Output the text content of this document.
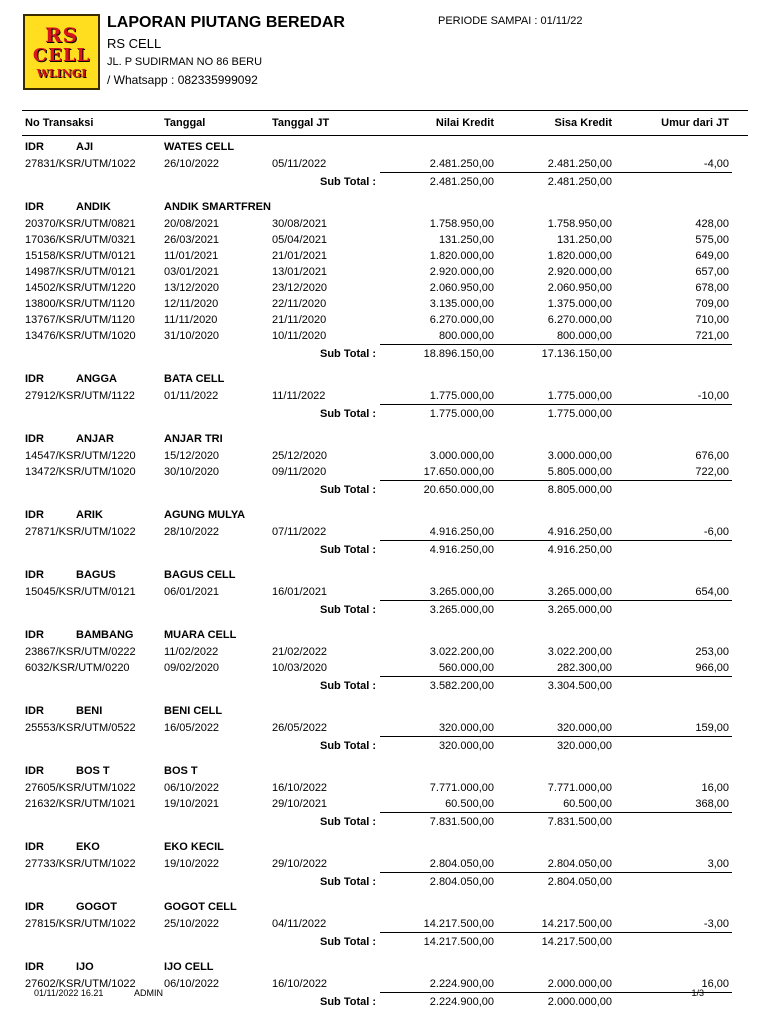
RS
CELL
WLINGI
LAPORAN PIUTANG BEREDAR
RS CELL
JL. P SUDIRMAN NO 86 BERU
/ Whatsapp : 082335999092
PERIODE SAMPAI : 01/11/22
No Transaksi	Tanggal	Tanggal JT	Nilai Kredit	Sisa Kredit	Umur dari JT
IDR	AJI	WATES CELL
27831/KSR/UTM/1022	26/10/2022	05/11/2022	2.481.250,00	2.481.250,00	-4,00
Sub Total :	2.481.250,00	2.481.250,00
IDR	ANDIK	ANDIK SMARTFREN
20370/KSR/UTM/0821	20/08/2021	30/08/2021	1.758.950,00	1.758.950,00	428,00
17036/KSR/UTM/0321	26/03/2021	05/04/2021	131.250,00	131.250,00	575,00
15158/KSR/UTM/0121	11/01/2021	21/01/2021	1.820.000,00	1.820.000,00	649,00
14987/KSR/UTM/0121	03/01/2021	13/01/2021	2.920.000,00	2.920.000,00	657,00
14502/KSR/UTM/1220	13/12/2020	23/12/2020	2.060.950,00	2.060.950,00	678,00
13800/KSR/UTM/1120	12/11/2020	22/11/2020	3.135.000,00	1.375.000,00	709,00
13767/KSR/UTM/1120	11/11/2020	21/11/2020	6.270.000,00	6.270.000,00	710,00
13476/KSR/UTM/1020	31/10/2020	10/11/2020	800.000,00	800.000,00	721,00
Sub Total :	18.896.150,00	17.136.150,00
IDR	ANGGA	BATA CELL
27912/KSR/UTM/1122	01/11/2022	11/11/2022	1.775.000,00	1.775.000,00	-10,00
Sub Total :	1.775.000,00	1.775.000,00
IDR	ANJAR	ANJAR TRI
14547/KSR/UTM/1220	15/12/2020	25/12/2020	3.000.000,00	3.000.000,00	676,00
13472/KSR/UTM/1020	30/10/2020	09/11/2020	17.650.000,00	5.805.000,00	722,00
Sub Total :	20.650.000,00	8.805.000,00
IDR	ARIK	AGUNG MULYA
27871/KSR/UTM/1022	28/10/2022	07/11/2022	4.916.250,00	4.916.250,00	-6,00
Sub Total :	4.916.250,00	4.916.250,00
IDR	BAGUS	BAGUS CELL
15045/KSR/UTM/0121	06/01/2021	16/01/2021	3.265.000,00	3.265.000,00	654,00
Sub Total :	3.265.000,00	3.265.000,00
IDR	BAMBANG	MUARA CELL
23867/KSR/UTM/0222	11/02/2022	21/02/2022	3.022.200,00	3.022.200,00	253,00
6032/KSR/UTM/0220	09/02/2020	10/03/2020	560.000,00	282.300,00	966,00
Sub Total :	3.582.200,00	3.304.500,00
IDR	BENI	BENI CELL
25553/KSR/UTM/0522	16/05/2022	26/05/2022	320.000,00	320.000,00	159,00
Sub Total :	320.000,00	320.000,00
IDR	BOS T	BOS T
27605/KSR/UTM/1022	06/10/2022	16/10/2022	7.771.000,00	7.771.000,00	16,00
21632/KSR/UTM/1021	19/10/2021	29/10/2021	60.500,00	60.500,00	368,00
Sub Total :	7.831.500,00	7.831.500,00
IDR	EKO	EKO KECIL
27733/KSR/UTM/1022	19/10/2022	29/10/2022	2.804.050,00	2.804.050,00	3,00
Sub Total :	2.804.050,00	2.804.050,00
IDR	GOGOT	GOGOT CELL
27815/KSR/UTM/1022	25/10/2022	04/11/2022	14.217.500,00	14.217.500,00	-3,00
Sub Total :	14.217.500,00	14.217.500,00
IDR	IJO	IJO CELL
27602/KSR/UTM/1022	06/10/2022	16/10/2022	2.224.900,00	2.000.000,00	16,00
Sub Total :	2.224.900,00	2.000.000,00
01/11/2022 16.21	ADMIN	1/3
